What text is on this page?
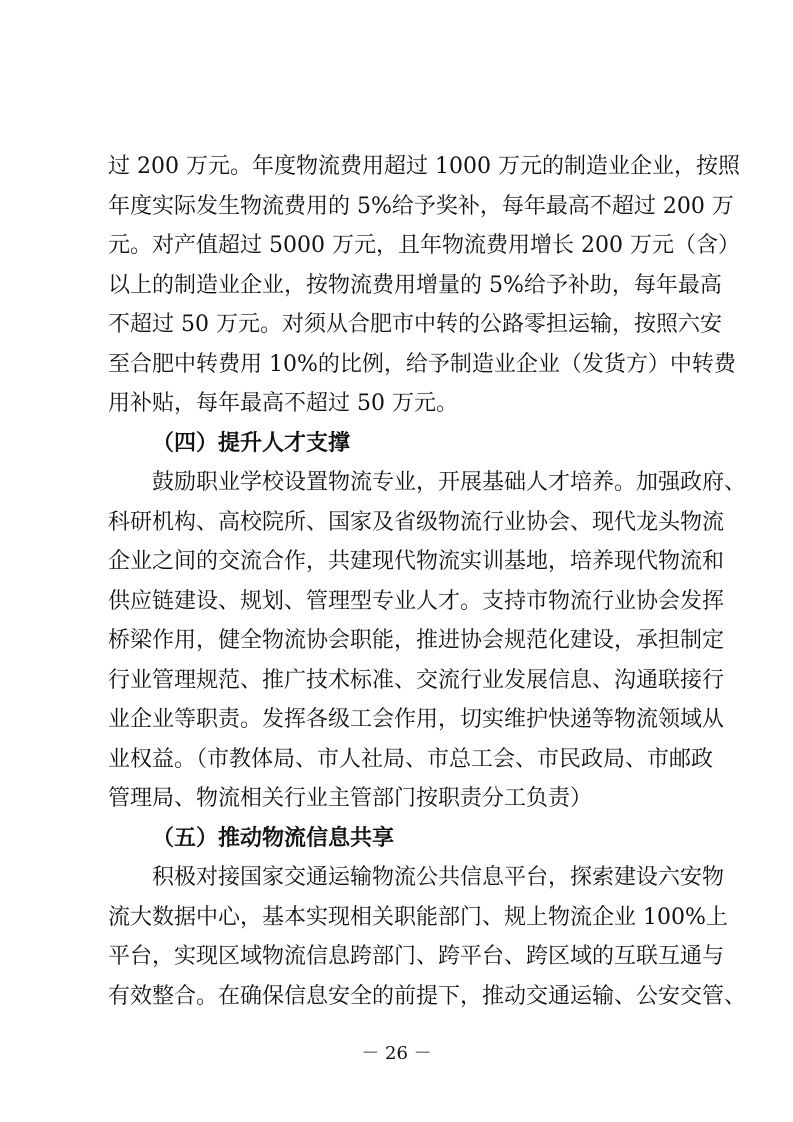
过 200 万元。年度物流费用超过 1000 万元的制造业企业，按照
年度实际发生物流费用的 5%给予奖补，每年最高不超过 200 万
元。对产值超过 5000 万元，且年物流费用增长 200 万元（含）
以上的制造业企业，按物流费用增量的 5%给予补助，每年最高
不超过 50 万元。对须从合肥市中转的公路零担运输，按照六安
至合肥中转费用 10%的比例，给予制造业企业（发货方）中转费
用补贴，每年最高不超过 50 万元。
（四）提升人才支撑
鼓励职业学校设置物流专业，开展基础人才培养。加强政府、
科研机构、高校院所、国家及省级物流行业协会、现代龙头物流
企业之间的交流合作，共建现代物流实训基地，培养现代物流和
供应链建设、规划、管理型专业人才。支持市物流行业协会发挥
桥梁作用，健全物流协会职能，推进协会规范化建设，承担制定
行业管理规范、推广技术标准、交流行业发展信息、沟通联接行
业企业等职责。发挥各级工会作用，切实维护快递等物流领域从
业权益。（市教体局、市人社局、市总工会、市民政局、市邮政
管理局、物流相关行业主管部门按职责分工负责）
（五）推动物流信息共享
积极对接国家交通运输物流公共信息平台，探索建设六安物
流大数据中心，基本实现相关职能部门、规上物流企业 100%上
平台，实现区域物流信息跨部门、跨平台、跨区域的互联互通与
有效整合。在确保信息安全的前提下，推动交通运输、公安交管、
－ 26 －
